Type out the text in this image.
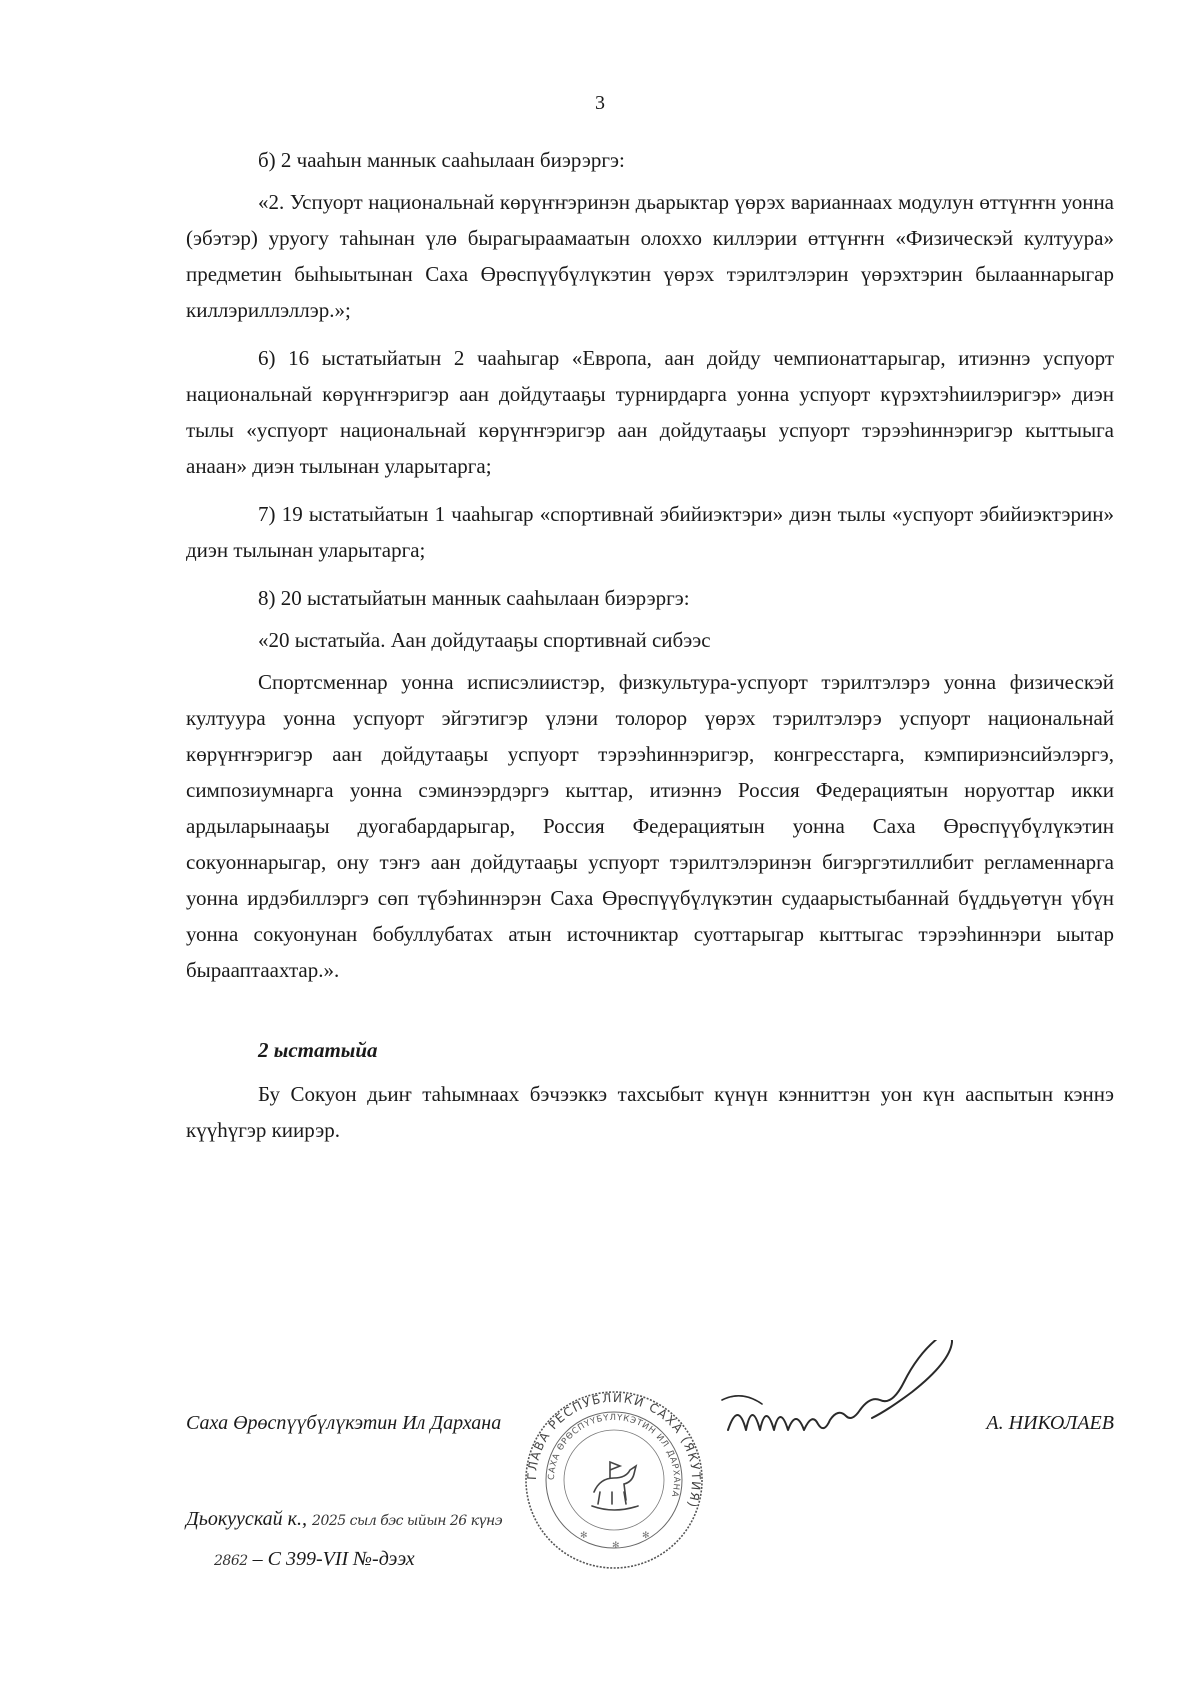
3

б) 2 чааһын маннык сааһылаан биэрэргэ:

«2. Успуорт национальнай көрүҥҥэринэн дьарыктар үөрэх варианнаах модулун өттүҥҥн уонна (эбэтэр) уруогу таһынан үлө бырагыраамаатын олоххо киллэрии өттүҥҥн «Физическэй култуура» предметин быһыытынан Саха Өрөспүүбүлүкэтин үөрэх тэрилтэлэрин үөрэхтэрин былааннарыгар киллэриллэллэр.»;

6) 16 ыстатыйатын 2 чааһыгар «Европа, аан дойду чемпионаттарыгар, итиэннэ успуорт национальнай көрүҥҥэригэр аан дойдутааҕы турнирдарга уонна успуорт күрэхтэһиилэригэр» диэн тылы «успуорт национальнай көрүҥҥэригэр аан дойдутааҕы успуорт тэрээһиннэригэр кыттыыга анаан» диэн тылынан уларытарга;

7) 19 ыстатыйатын 1 чааһыгар «спортивнай эбийиэктэри» диэн тылы «успуорт эбийиэктэрин» диэн тылынан уларытарга;

8) 20 ыстатыйатын маннык сааһылаан биэрэргэ:

«20 ыстатыйа. Аан дойдутааҕы спортивнай сибээс

Спортсменнар уонна исписэлиистэр, физкультура-успуорт тэрилтэлэрэ уонна физическэй култуура уонна успуорт эйгэтигэр үлэни толорор үөрэх тэрилтэлэрэ успуорт национальнай көрүҥҥэригэр аан дойдутааҕы успуорт тэрээһиннэригэр, конгресстарга, кэмпириэнсийэлэргэ, симпозиумнарга уонна сэминээрдэргэ кыттар, итиэннэ Россия Федерациятын норуоттар икки ардыларынааҕы дуогабардарыгар, Россия Федерациятын уонна Саха Өрөспүүбүлүкэтин сокуоннарыгар, ону тэҥэ аан дойдутааҕы успуорт тэрилтэлэринэн бигэргэтиллибит регламеннарга уонна ирдэбиллэргэ сөп түбэһиннэрэн Саха Өрөспүүбүлүкэтин судаарыстыбаннай бүддьүөтүн үбүн уонна сокуонунан бобуллубатах атын источниктар суоттарыгар кыттыгас тэрээһиннэри ыытар бырааптаахтар.».

2 ыстатыйа

Бу Сокуон дьиҥ таһымнаах бэчээккэ тахсыбыт күнүн кэнниттэн уон күн ааспытын кэннэ күүһүгэр киирэр.

Саха Өрөспүүбүлүкэтин Ил Дархана	А. НИКОЛАЕВ
Дьокуускай к., 2025 сыл бэс ыйын 26 күнэ
2862 – С 399-VII №-дээх
ГЛАВА РЕСПУБЛИКИ САХА (ЯКУТИЯ)
САХА ӨРӨСПҮҮБҮЛҮКЭТИН ИЛ ДАРХАНА
✻
✻
✻
